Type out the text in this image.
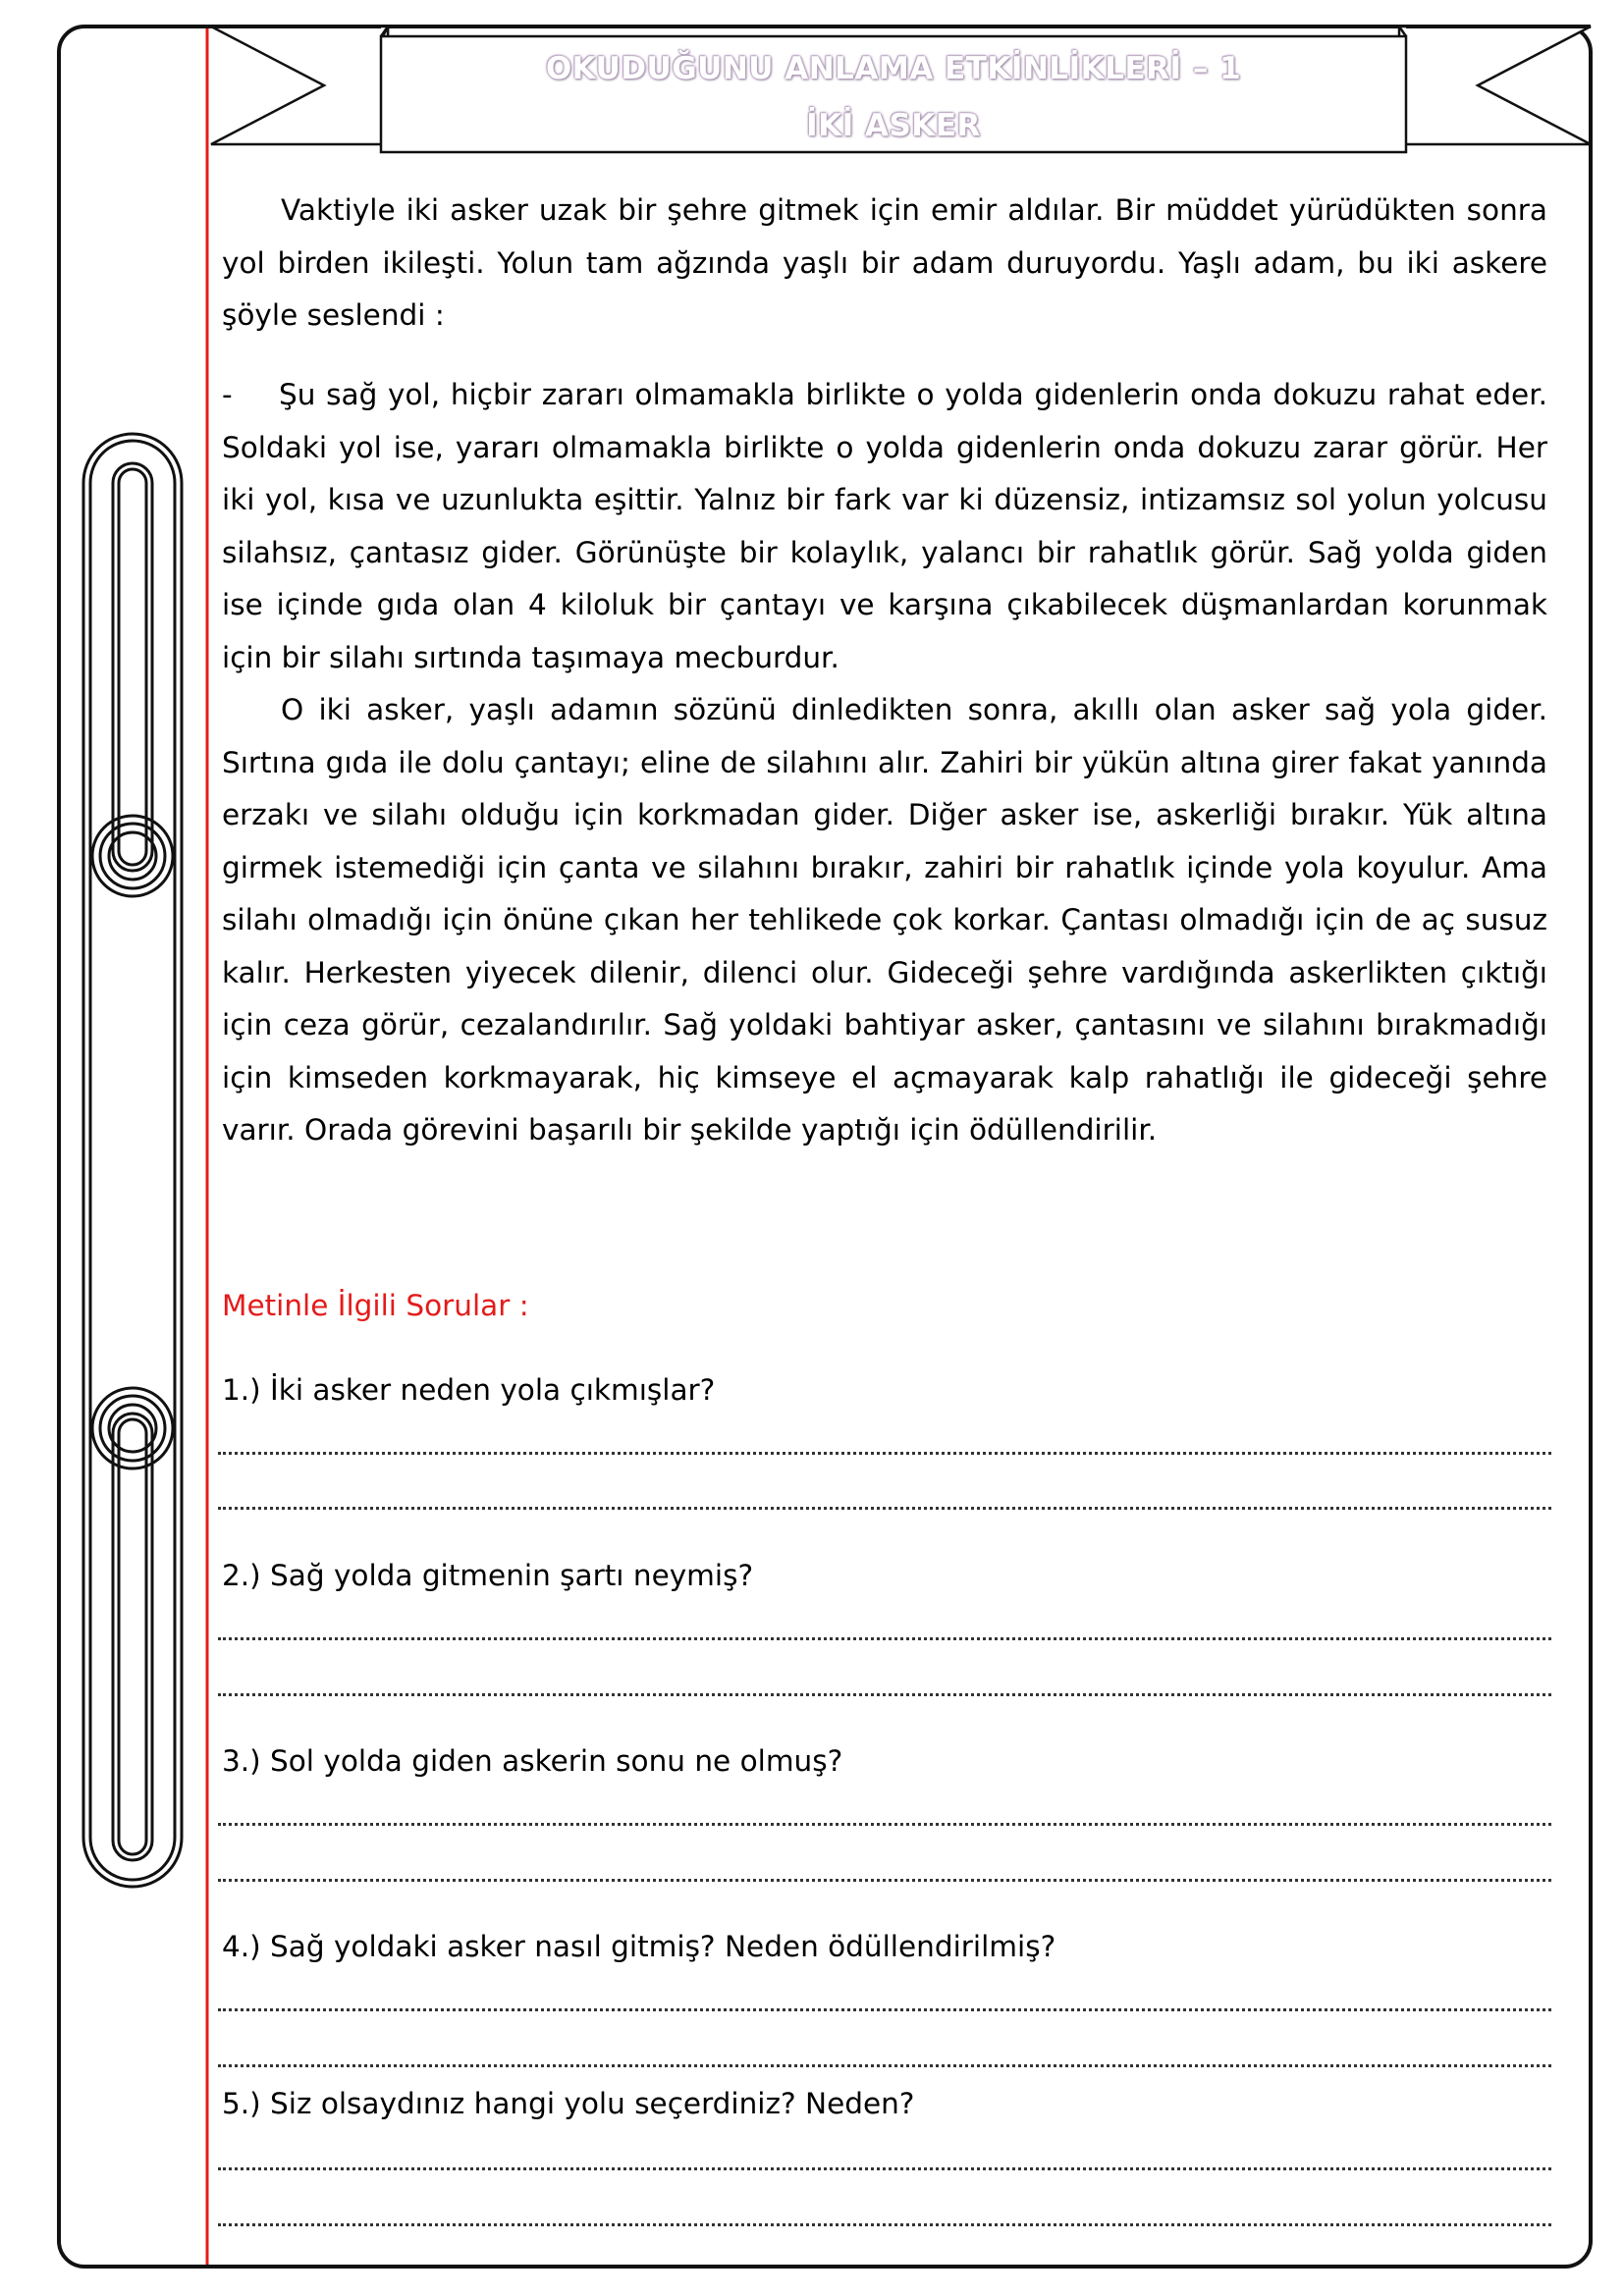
OKUDUĞUNU ANLAMA ETKİNLİKLERİ – 1
İKİ ASKER

Vaktiyle iki asker uzak bir şehre gitmek için emir aldılar. Bir müddet yürüdükten sonra yol birden ikileşti. Yolun tam ağzında yaşlı bir adam duruyordu. Yaşlı adam, bu iki askere şöyle seslendi :

- Şu sağ yol, hiçbir zararı olmamakla birlikte o yolda gidenlerin onda dokuzu rahat eder. Soldaki yol ise, yararı olmamakla birlikte o yolda gidenlerin onda dokuzu zarar görür. Her iki yol, kısa ve uzunlukta eşittir. Yalnız bir fark var ki düzensiz, intizamsız sol yolun yolcusu silahsız, çantasız gider. Görünüşte bir kolaylık, yalancı bir rahatlık görür. Sağ yolda giden ise içinde gıda olan 4 kiloluk bir çantayı ve karşına çıkabilecek düşmanlardan korunmak için bir silahı sırtında taşımaya mecburdur.

O iki asker, yaşlı adamın sözünü dinledikten sonra, akıllı olan asker sağ yola gider. Sırtına gıda ile dolu çantayı; eline de silahını alır. Zahiri bir yükün altına girer fakat yanında erzakı ve silahı olduğu için korkmadan gider. Diğer asker ise, askerliği bırakır. Yük altına girmek istemediği için çanta ve silahını bırakır, zahiri bir rahatlık içinde yola koyulur. Ama silahı olmadığı için önüne çıkan her tehlikede çok korkar. Çantası olmadığı için de aç susuz kalır. Herkesten yiyecek dilenir, dilenci olur. Gideceği şehre vardığında askerlikten çıktığı için ceza görür, cezalandırılır. Sağ yoldaki bahtiyar asker, çantasını ve silahını bırakmadığı için kimseden korkmayarak, hiç kimseye el açmayarak kalp rahatlığı ile gideceği şehre varır. Orada görevini başarılı bir şekilde yaptığı için ödüllendirilir.

Metinle İlgili Sorular :
1.) İki asker neden yola çıkmışlar?
2.) Sağ yolda gitmenin şartı neymiş?
3.) Sol yolda giden askerin sonu ne olmuş?
4.) Sağ yoldaki asker nasıl gitmiş? Neden ödüllendirilmiş?
5.) Siz olsaydınız hangi yolu seçerdiniz? Neden?
